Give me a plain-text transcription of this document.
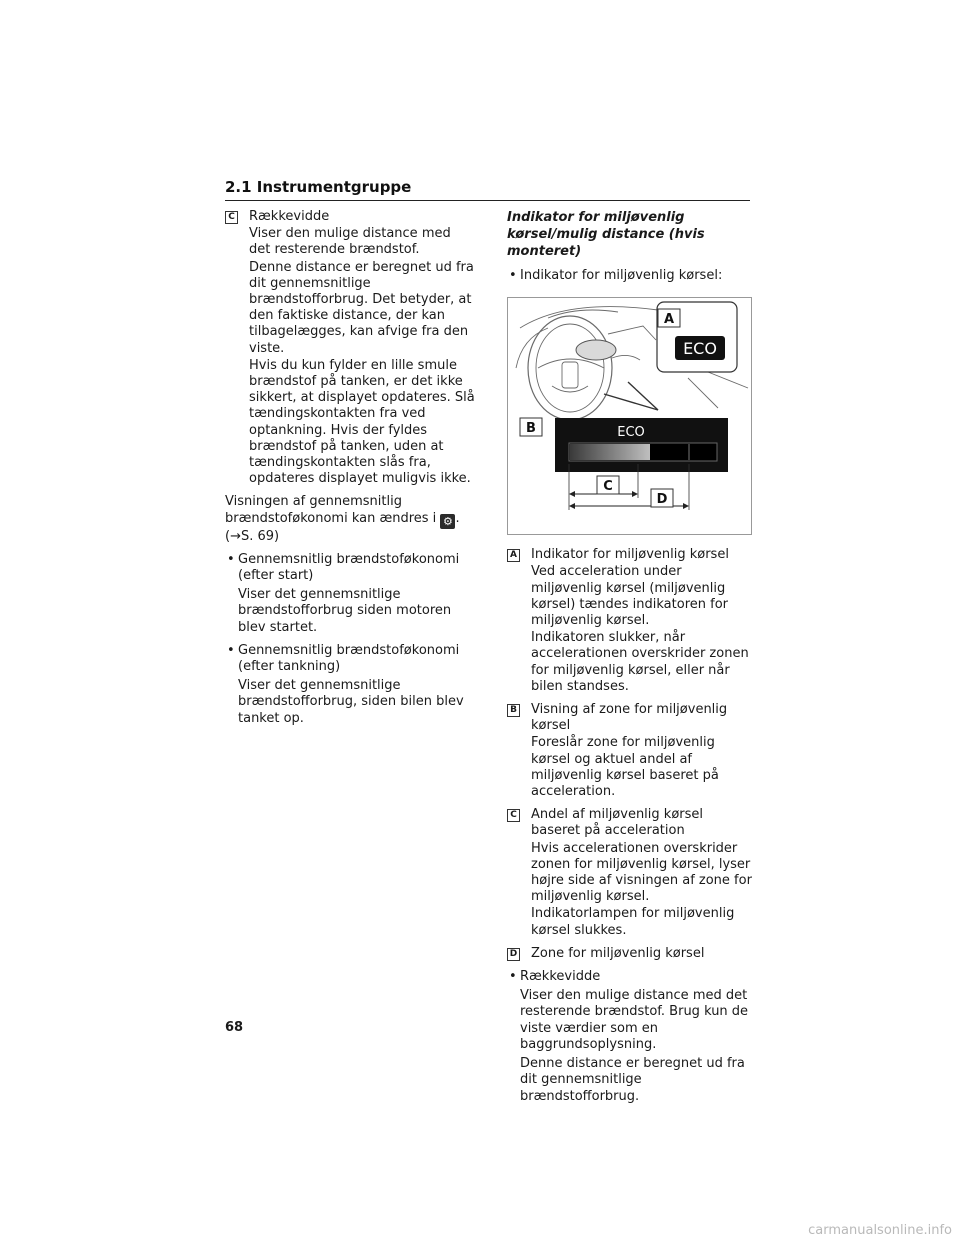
2.1 Instrumentgruppe
C Rækkevidde
Viser den mulige distance med det resterende brændstof.
Denne distance er beregnet ud fra dit gennemsnitlige brændstofforbrug. Det betyder, at den faktiske distance, der kan tilbagelægges, kan afvige fra den viste.
Hvis du kun fylder en lille smule brændstof på tanken, er det ikke sikkert, at displayet opdateres. Slå tændingskontakten fra ved optankning. Hvis der fyldes brændstof på tanken, uden at tændingskontakten slås fra, opdateres displayet muligvis ikke.

Visningen af gennemsnitlig brændstoføkonomi kan ændres i ⚙ .
(→S. 69)

• Gennemsnitlig brændstoføkonomi (efter start)
Viser det gennemsnitlige brændstofforbrug siden motoren blev startet.
• Gennemsnitlig brændstoføkonomi (efter tankning)
Viser det gennemsnitlige brændstofforbrug, siden bilen blev tanket op.
Indikator for miljøvenlig kørsel/mulig distance (hvis monteret)
• Indikator for miljøvenlig kørsel:
A
ECO
B	ECO
C
D
A Indikator for miljøvenlig kørsel
Ved acceleration under miljøvenlig kørsel (miljøvenlig kørsel) tændes indikatoren for miljøvenlig kørsel.
Indikatoren slukker, når accelerationen overskrider zonen for miljøvenlig kørsel, eller når bilen standses.
B Visning af zone for miljøvenlig kørsel
Foreslår zone for miljøvenlig kørsel og aktuel andel af miljøvenlig kørsel baseret på acceleration.
C Andel af miljøvenlig kørsel baseret på acceleration
Hvis accelerationen overskrider zonen for miljøvenlig kørsel, lyser højre side af visningen af zone for miljøvenlig kørsel.
Indikatorlampen for miljøvenlig kørsel slukkes.
D Zone for miljøvenlig kørsel
• Rækkevidde
Viser den mulige distance med det resterende brændstof. Brug kun de viste værdier som en baggrundsoplysning.
Denne distance er beregnet ud fra dit gennemsnitlige brændstofforbrug.
68
carmanualsonline.info
